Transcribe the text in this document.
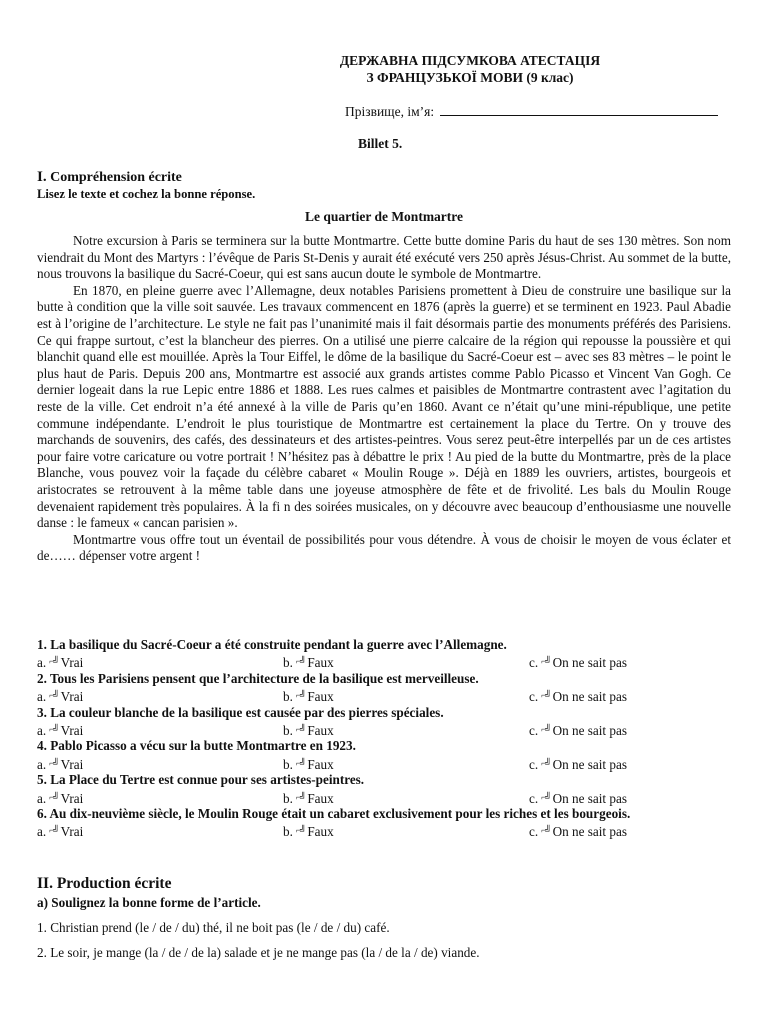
ДЕРЖАВНА ПІДСУМКОВА АТЕСТАЦІЯ
З ФРАНЦУЗЬКОЇ МОВИ (9 клас)
Прізвище, ім’я:
Billet 5.
I. Compréhension écrite
Lisez le texte et cochez la bonne réponse.
Le quartier de Montmartre

Notre excursion à Paris se terminera sur la butte Montmartre. Cette butte domine Paris du haut de ses 130 mètres. Son nom viendrait du Mont des Martyrs : l’évêque de Paris St-Denis y aurait été exécuté vers 250 après Jésus-Christ. Au sommet de la butte, nous trouvons la basilique du Sacré-Coeur, qui est sans aucun doute le symbole de Montmartre.

En 1870, en pleine guerre avec l’Allemagne, deux notables Parisiens promettent à Dieu de construire une basilique sur la butte à condition que la ville soit sauvée. Les travaux commencent en 1876 (après la guerre) et se terminent en 1923. Paul Abadie est à l’origine de l’architecture. Le style ne fait pas l’unanimité mais il fait désormais partie des monuments préférés des Parisiens. Ce qui frappe surtout, c’est la blancheur des pierres. On a utilisé une pierre calcaire de la région qui repousse la poussière et qui blanchit quand elle est mouillée. Après la Tour Eiffel, le dôme de la basilique du Sacré-Coeur est – avec ses 83 mètres – le point le plus haut de Paris. Depuis 200 ans, Montmartre est associé aux grands artistes comme Pablo Picasso et Vincent Van Gogh. Ce dernier logeait dans la rue Lepic entre 1886 et 1888. Les rues calmes et paisibles de Montmartre contrastent avec l’agitation du reste de la ville. Cet endroit n’a été annexé à la ville de Paris qu’en 1860. Avant ce n’était qu’une mini-république, une petite commune indépendante. L’endroit le plus touristique de Montmartre est certainement la place du Tertre. On y trouve des marchands de souvenirs, des cafés, des dessinateurs et des artistes-peintres. Vous serez peut-être interpellés par un de ces artistes pour faire votre caricature ou votre portrait ! N’hésitez pas à débattre le prix ! Au pied de la butte du Montmartre, près de la place Blanche, vous pouvez voir la façade du célèbre cabaret « Moulin Rouge ». Déjà en 1889 les ouvriers, artistes, bourgeois et aristocrates se retrouvent à la même table dans une joyeuse atmosphère de fête et de frivolité. Les bals du Moulin Rouge devenaient rapidement très populaires. À la fi n des soirées musicales, on y découvre avec beaucoup d’enthousiasme une nouvelle danse : le fameux « cancan parisien ».

Montmartre vous offre tout un éventail de possibilités pour vous détendre. À vous de choisir le moyen de vous éclater et de…… dépenser votre argent !

1. La basilique du Sacré-Coeur a été construite pendant la guerre avec l’Allemagne.
a. ⌐╝ Vrai	b. ⌐╝ Faux	c. ⌐╝ On ne sait pas
2. Tous les Parisiens pensent que l’architecture de la basilique est merveilleuse.
a. ⌐╝ Vrai	b. ⌐╝ Faux	c. ⌐╝ On ne sait pas
3. La couleur blanche de la basilique est causée par des pierres spéciales.
a. ⌐╝ Vrai	b. ⌐╝ Faux	c. ⌐╝ On ne sait pas
4. Pablo Picasso a vécu sur la butte Montmartre en 1923.
a. ⌐╝ Vrai	b. ⌐╝ Faux	c. ⌐╝ On ne sait pas
5. La Place du Tertre est connue pour ses artistes-peintres.
a. ⌐╝ Vrai	b. ⌐╝ Faux	c. ⌐╝ On ne sait pas
6. Au dix-neuvième siècle, le Moulin Rouge était un cabaret exclusivement pour les riches et les bourgeois.
a. ⌐╝ Vrai	b. ⌐╝ Faux	c. ⌐╝ On ne sait pas
II. Production écrite
a) Soulignez la bonne forme de l’article.
1. Christian prend (le / de / du) thé, il ne boit pas (le / de / du) café.
2. Le soir, je mange (la / de / de la) salade et je ne mange pas (la / de la / de) viande.
